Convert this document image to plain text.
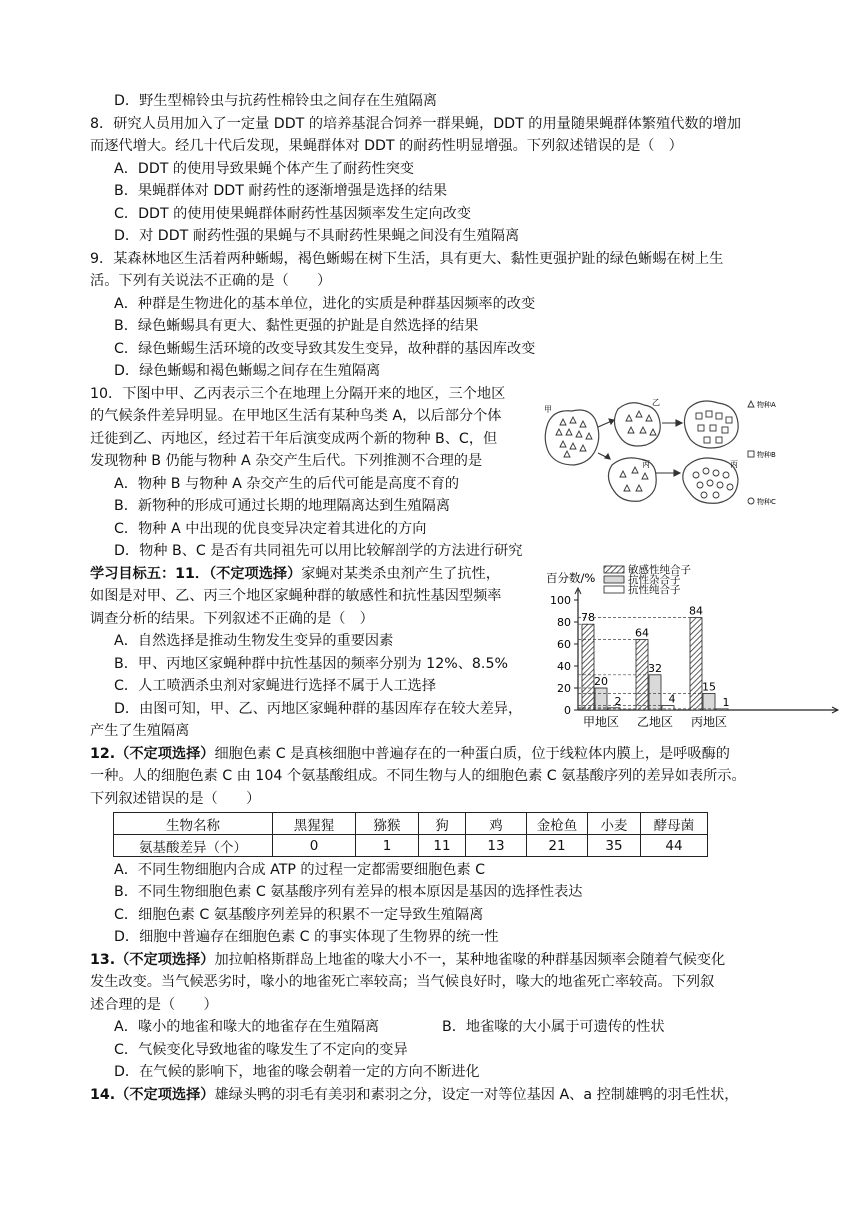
D．野生型棉铃虫与抗药性棉铃虫之间存在生殖隔离
8．研究人员用加入了一定量 DDT 的培养基混合饲养一群果蝇，DDT 的用量随果蝇群体繁殖代数的增加
而逐代增大。经几十代后发现，果蝇群体对 DDT 的耐药性明显增强。下列叙述错误的是（　）
A．DDT 的使用导致果蝇个体产生了耐药性突变
B．果蝇群体对 DDT 耐药性的逐渐增强是选择的结果
C．DDT 的使用使果蝇群体耐药性基因频率发生定向改变
D．对 DDT 耐药性强的果蝇与不具耐药性果蝇之间没有生殖隔离
9．某森林地区生活着两种蜥蜴，褐色蜥蜴在树下生活，具有更大、黏性更强护趾的绿色蜥蜴在树上生
活。下列有关说法不正确的是（　　）
A．种群是生物进化的基本单位，进化的实质是种群基因频率的改变
B．绿色蜥蜴具有更大、黏性更强的护趾是自然选择的结果
C．绿色蜥蜴生活环境的改变导致其发生变异，故种群的基因库改变
D．绿色蜥蜴和褐色蜥蜴之间存在生殖隔离
10．下图中甲、乙丙表示三个在地理上分隔开来的地区，三个地区
的气候条件差异明显。在甲地区生活有某种鸟类 A，以后部分个体
迁徙到乙、丙地区，经过若干年后演变成两个新的物种 B、C，但
发现物种 B 仍能与物种 A 杂交产生后代。下列推测不合理的是
A．物种 B 与物种 A 杂交产生的后代可能是高度不育的
B．新物种的形成可通过长期的地理隔离达到生殖隔离
C．物种 A 中出现的优良变异决定着其进化的方向
D．物种 B、C 是否有共同祖先可以用比较解剖学的方法进行研究
甲
乙
丙	丙
物种A
物种B
物种C
学习目标五：11．（不定项选择）家蝇对某类杀虫剂产生了抗性，
如图是对甲、乙、丙三个地区家蝇种群的敏感性和抗性基因型频率
调查分析的结果。下列叙述不正确的是（　）
A．自然选择是推动生物发生变异的重要因素
B．甲、丙地区家蝇种群中抗性基因的频率分别为 12%、8.5%
C．人工喷洒杀虫剂对家蝇进行选择不属于人工选择
D．由图可知，甲、乙、丙地区家蝇种群的基因库存在较大差异，
产生了生殖隔离
百分数/%
0
20
40
60
80
100
敏感性纯合子
抗性杂合子
抗性纯合子
78
20
2
甲地区
64
32
4
乙地区
84
15
1
丙地区
12.（不定项选择）细胞色素 C 是真核细胞中普遍存在的一种蛋白质，位于线粒体内膜上，是呼吸酶的
一种。人的细胞色素 C 由 104 个氨基酸组成。不同生物与人的细胞色素 C 氨基酸序列的差异如表所示。
下列叙述错误的是（　　）
生物名称	黑猩猩	猕猴	狗	鸡	金枪鱼	小麦	酵母菌
氨基酸差异（个）	0	1	11	13	21	35	44
A．不同生物细胞内合成 ATP 的过程一定都需要细胞色素 C
B．不同生物细胞色素 C 氨基酸序列有差异的根本原因是基因的选择性表达
C．细胞色素 C 氨基酸序列差异的积累不一定导致生殖隔离
D．细胞中普遍存在细胞色素 C 的事实体现了生物界的统一性
13.（不定项选择）加拉帕格斯群岛上地雀的喙大小不一，某种地雀喙的种群基因频率会随着气候变化
发生改变。当气候恶劣时，喙小的地雀死亡率较高；当气候良好时，喙大的地雀死亡率较高。下列叙
述合理的是（　　）
A．喙小的地雀和喙大的地雀存在生殖隔离	B．地雀喙的大小属于可遗传的性状
C．气候变化导致地雀的喙发生了不定向的变异
D．在气候的影响下，地雀的喙会朝着一定的方向不断进化
14.（不定项选择）雄绿头鸭的羽毛有美羽和素羽之分，设定一对等位基因 A、a 控制雄鸭的羽毛性状，
